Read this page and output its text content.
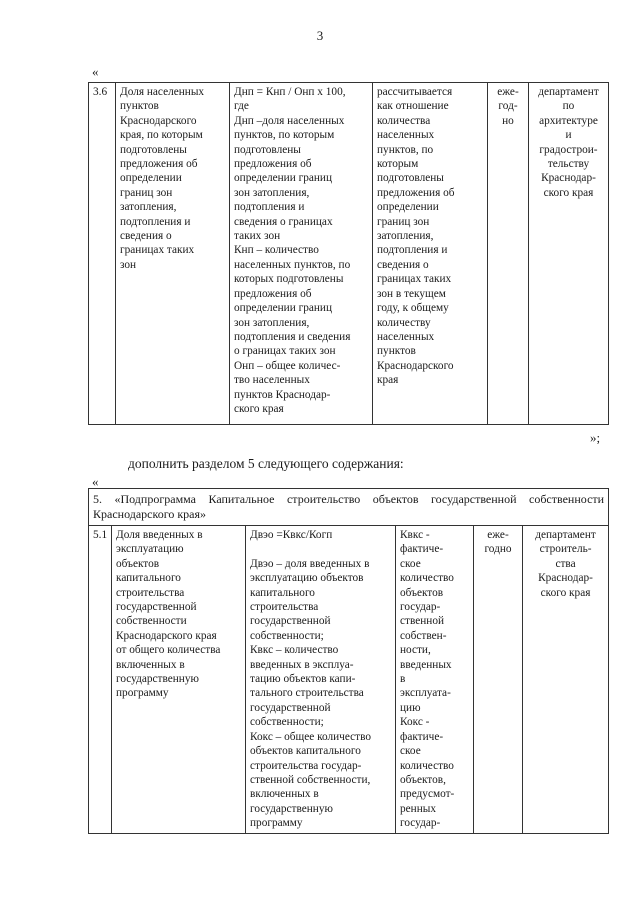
3
«
3.6	Доля населенных
пунктов
Краснодарского
края, по которым
подготовлены
предложения об
определении
границ зон
затопления,
подтопления и
сведения о
границах таких
зон	Днп = Кнп / Онп х 100,
где
Днп –доля населенных
пунктов, по которым
подготовлены
предложения об
определении границ
зон затопления,
подтопления и
сведения о границах
таких зон
Кнп – количество
населенных пунктов, по
которых подготовлены
предложения об
определении границ
зон затопления,
подтопления и сведения
о границах таких зон
Онп – общее количес-
тво населенных
пунктов Краснодар-
ского края	рассчитывается
как отношение
количества
населенных
пунктов, по
которым
подготовлены
предложения об
определении
границ зон
затопления,
подтопления и
сведения о
границах таких
зон в текущем
году, к общему
количеству
населенных
пунктов
Краснодарского
края	еже-
год-
но	департамент
по
архитектуре
и
градострои-
тельству
Краснодар-
ского края
»;
дополнить разделом 5 следующего содержания:
«
5. «Подпрограмма Капитальное строительство объектов государственной собственности Краснодарского края»
5.1	Доля введенных в
эксплуатацию
объектов
капитального
строительства
государственной
собственности
Краснодарского края
от общего количества
включенных в
государственную
программу	Двэо =Квкс/Когп

Двэо – доля введенных в
эксплуатацию объектов
капитального
строительства
государственной
собственности;
Квкс – количество
введенных в эксплуа-
тацию объектов капи-
тального строительства
государственной
собственности;
Кокс – общее количество
объектов капитального
строительства государ-
ственной собственности,
включенных в
государственную
программу	Квкс -
фактиче-
ское
количество
объектов
государ-
ственной
собствен-
ности,
введенных
в
эксплуата-
цию
Кокс -
фактиче-
ское
количество
объектов,
предусмот-
ренных
государ-	еже-
годно	департамент
строитель-
ства
Краснодар-
ского края
